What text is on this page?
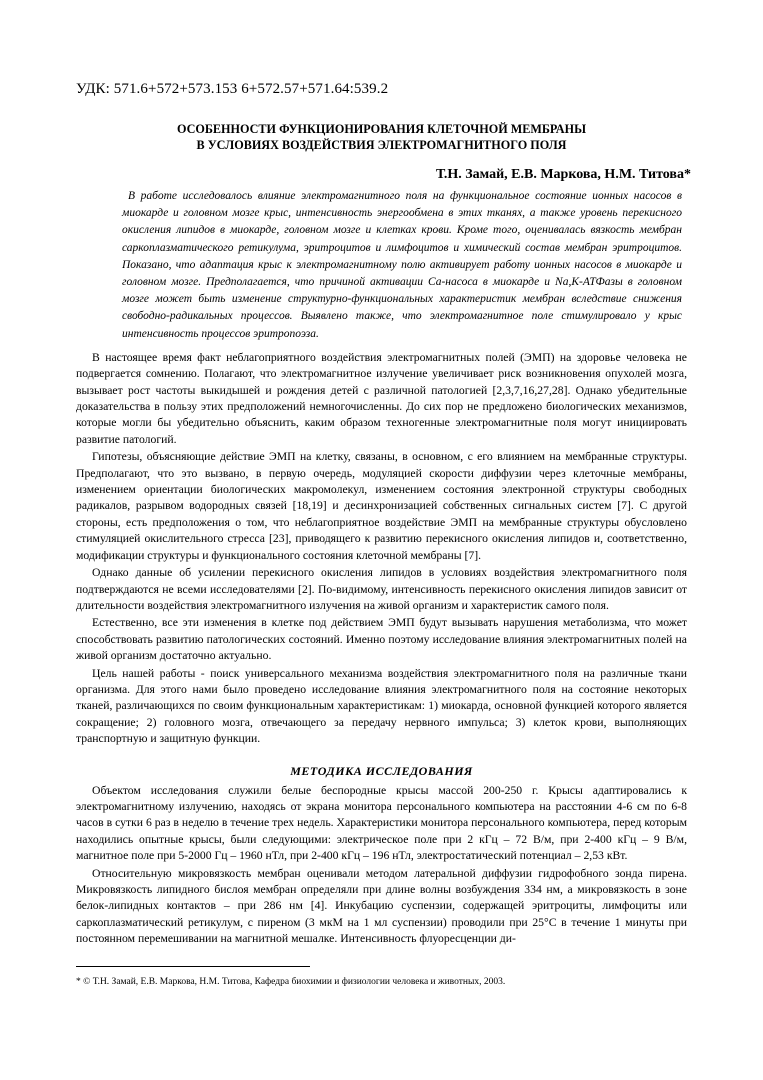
УДК: 571.6+572+573.153 6+572.57+571.64:539.2

ОСОБЕННОСТИ ФУНКЦИОНИРОВАНИЯ КЛЕТОЧНОЙ МЕМБРАНЫ

В УСЛОВИЯХ ВОЗДЕЙСТВИЯ ЭЛЕКТРОМАГНИТНОГО ПОЛЯ

Т.Н. Замай, Е.В. Маркова, Н.М. Титова*

В работе исследовалось влияние электромагнитного поля на функциональное состояние ионных насосов в миокарде и головном мозге крыс, интенсивность энергообмена в этих тканях, а также уровень перекисного окисления липидов в миокарде, головном мозге и клетках крови. Кроме того, оценивалась вязкость мембран саркоплазматического ретикулума, эритроцитов и лимфоцитов и химический состав мембран эритроцитов. Показано, что адаптация крыс к электромагнитному полю активирует работу ионных насосов в миокарде и головном мозге. Предполагается, что причиной активации Са-насоса в миокарде и Na,K-АТФазы в головном мозге может быть изменение структурно-функциональных характеристик мембран вследствие снижения свободно-радикальных процессов. Выявлено также, что электромагнитное поле стимулировало у крыс интенсивность процессов эритропоэза.

В настоящее время факт неблагоприятного воздействия электромагнитных полей (ЭМП) на здоровье человека не подвергается сомнению. Полагают, что электромагнитное излучение увеличивает риск возникновения опухолей мозга, вызывает рост частоты выкидышей и рождения детей с различной патологией [2,3,7,16,27,28]. Однако убедительные доказательства в пользу этих предположений немногочисленны. До сих пор не предложено биологических механизмов, которые могли бы убедительно объяснить, каким образом техногенные электромагнитные поля могут инициировать развитие патологий.

Гипотезы, объясняющие действие ЭМП на клетку, связаны, в основном, с его влиянием на мембранные структуры. Предполагают, что это вызвано, в первую очередь, модуляцией скорости диффузии через клеточные мембраны, изменением ориентации биологических макромолекул, изменением состояния электронной структуры свободных радикалов, разрывом водородных связей [18,19] и десинхронизацией собственных сигнальных систем [7]. С другой стороны, есть предположения о том, что неблагоприятное воздействие ЭМП на мембранные структуры обусловлено стимуляцией окислительного стресса [23], приводящего к развитию перекисного окисления липидов и, соответственно, модификации структуры и функционального состояния клеточной мембраны [7].

Однако данные об усилении перекисного окисления липидов в условиях воздействия электромагнитного поля подтверждаются не всеми исследователями [2]. По-видимому, интенсивность перекисного окисления липидов зависит от длительности воздействия электромагнитного излучения на живой организм и характеристик самого поля.

Естественно, все эти изменения в клетке под действием ЭМП будут вызывать нарушения метаболизма, что может способствовать развитию патологических состояний. Именно поэтому исследование влияния электромагнитных полей на живой организм достаточно актуально.

Цель нашей работы - поиск универсального механизма воздействия электромагнитного поля на различные ткани организма. Для этого нами было проведено исследование влияния электромагнитного поля на состояние некоторых тканей, различающихся по своим функциональным характеристикам: 1) миокарда, основной функцией которого является сокращение; 2) головного мозга, отвечающего за передачу нервного импульса; 3) клеток крови, выполняющих транспортную и защитную функции.

МЕТОДИКА ИССЛЕДОВАНИЯ

Объектом исследования служили белые беспородные крысы массой 200-250 г. Крысы адаптировались к электромагнитному излучению, находясь от экрана монитора персонального компьютера на расстоянии 4-6 см по 6-8 часов в сутки 6 раз в неделю в течение трех недель. Характеристики монитора персонального компьютера, перед которым находились опытные крысы, были следующими: электрическое поле при 2 кГц – 72 В/м, при 2-400 кГц – 9 В/м, магнитное поле при 5-2000 Гц – 1960 нТл, при 2-400 кГц – 196 нТл, электростатический потенциал – 2,53 кВт.

Относительную микровязкость мембран оценивали методом латеральной диффузии гидрофобного зонда пирена. Микровязкость липидного бислоя мембран определяли при длине волны возбуждения 334 нм, а микровязкость в зоне белок-липидных контактов – при 286 нм [4]. Инкубацию суспензии, содержащей эритроциты, лимфоциты или саркоплазматический ретикулум, с пиреном (3 мкМ на 1 мл суспензии) проводили при 25°С в течение 1 минуты при постоянном перемешивании на магнитной мешалке. Интенсивность флуоресценции ди-

* © Т.Н. Замай, Е.В. Маркова, Н.М. Титова, Кафедра биохимии и физиологии человека и животных, 2003.
